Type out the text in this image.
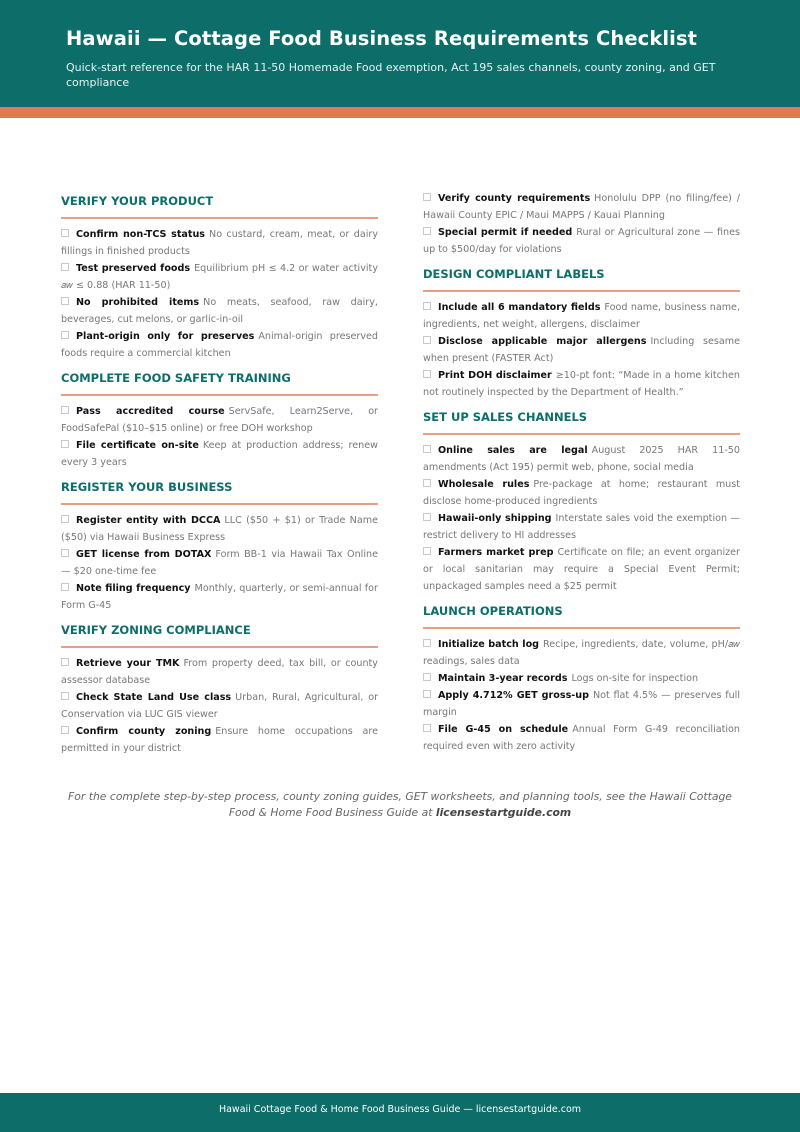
Hawaii — Cottage Food Business Requirements Checklist
Quick-start reference for the HAR 11-50 Homemade Food exemption, Act 195 sales channels, county zoning, and GET compliance
VERIFY YOUR PRODUCT
Confirm non-TCS status No custard, cream, meat, or dairy fillings in finished products
Test preserved foods Equilibrium pH ≤ 4.2 or water activity 𝑎𝑤 ≤ 0.88 (HAR 11-50)
No prohibited items No meats, seafood, raw dairy, beverages, cut melons, or garlic-in-oil
Plant-origin only for preserves Animal-origin preserved foods require a commercial kitchen
COMPLETE FOOD SAFETY TRAINING
Pass accredited course ServSafe, Learn2Serve, or FoodSafePal ($10–$15 online) or free DOH workshop
File certificate on-site Keep at production address; renew every 3 years
REGISTER YOUR BUSINESS
Register entity with DCCA LLC ($50 + $1) or Trade Name ($50) via Hawaii Business Express
GET license from DOTAX Form BB-1 via Hawaii Tax Online — $20 one-time fee
Note filing frequency Monthly, quarterly, or semi-annual for Form G-45
VERIFY ZONING COMPLIANCE
Retrieve your TMK From property deed, tax bill, or county assessor database
Check State Land Use class Urban, Rural, Agricultural, or Conservation via LUC GIS viewer
Confirm county zoning Ensure home occupations are permitted in your district
Verify county requirements Honolulu DPP (no filing/fee) / Hawaii County EPIC / Maui MAPPS / Kauai Planning
Special permit if needed Rural or Agricultural zone — fines up to $500/day for violations
DESIGN COMPLIANT LABELS
Include all 6 mandatory fields Food name, business name, ingredients, net weight, allergens, disclaimer
Disclose applicable major allergens Including sesame when present (FASTER Act)
Print DOH disclaimer ≥10-pt font: “Made in a home kitchen not routinely inspected by the Department of Health.”
SET UP SALES CHANNELS
Online sales are legal August 2025 HAR 11-50 amendments (Act 195) permit web, phone, social media
Wholesale rules Pre-package at home; restaurant must disclose home-produced ingredients
Hawaii-only shipping Interstate sales void the exemption — restrict delivery to HI addresses
Farmers market prep Certificate on file; an event organizer or local sanitarian may require a Special Event Permit; unpackaged samples need a $25 permit
LAUNCH OPERATIONS
Initialize batch log Recipe, ingredients, date, volume, pH/𝑎𝑤 readings, sales data
Maintain 3-year records Logs on-site for inspection
Apply 4.712% GET gross-up Not flat 4.5% — preserves full margin
File G-45 on schedule Annual Form G-49 reconciliation required even with zero activity
For the complete step-by-step process, county zoning guides, GET worksheets, and planning tools, see the Hawaii Cottage Food & Home Food Business Guide at licensestartguide.com
Hawaii Cottage Food & Home Food Business Guide — licensestartguide.com
